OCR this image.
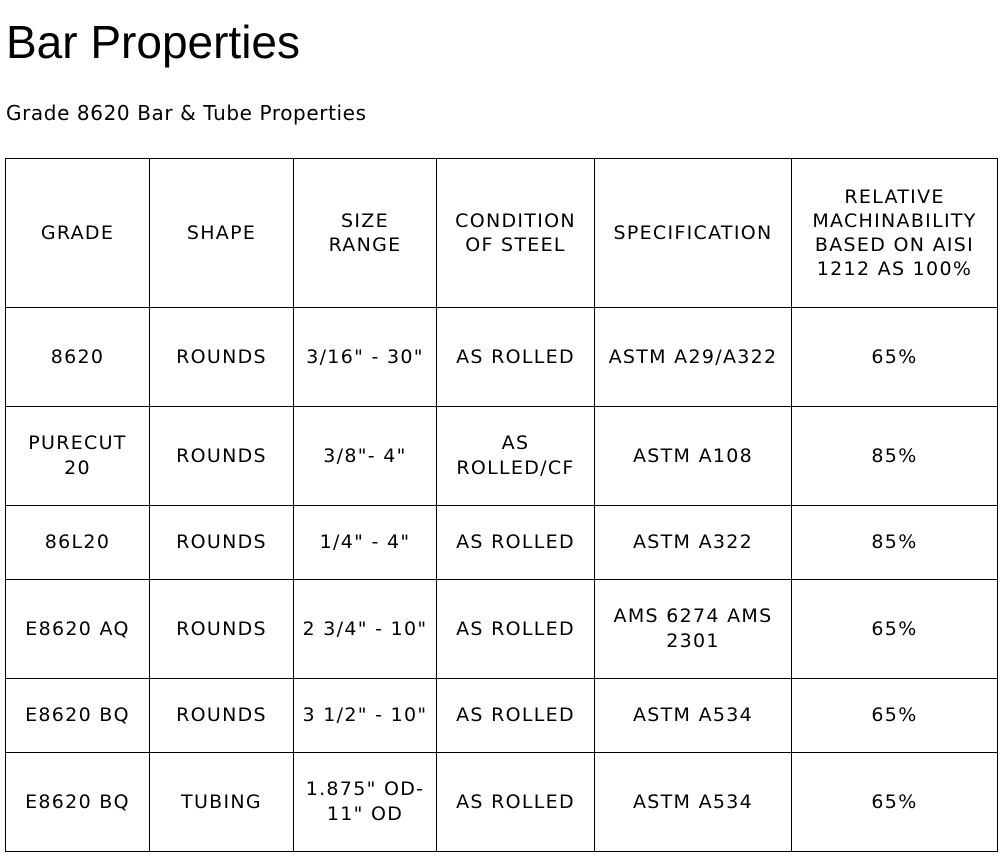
Bar Properties

Grade 8620 Bar & Tube Properties

GRADE	SHAPE	SIZE RANGE	CONDITION OF STEEL	SPECIFICATION	RELATIVE MACHINABILITY BASED ON AISI 1212 AS 100%
8620	ROUNDS	3/16" - 30"	AS ROLLED	ASTM A29/A322	65%
PURECUT 20	ROUNDS	3/8"- 4"	AS ROLLED/CF	ASTM A108	85%
86L20	ROUNDS	1/4" - 4"	AS ROLLED	ASTM A322	85%
E8620 AQ	ROUNDS	2 3/4" - 10"	AS ROLLED	AMS 6274 AMS 2301	65%
E8620 BQ	ROUNDS	3 1/2" - 10"	AS ROLLED	ASTM A534	65%
E8620 BQ	TUBING	1.875" OD- 11" OD	AS ROLLED	ASTM A534	65%
